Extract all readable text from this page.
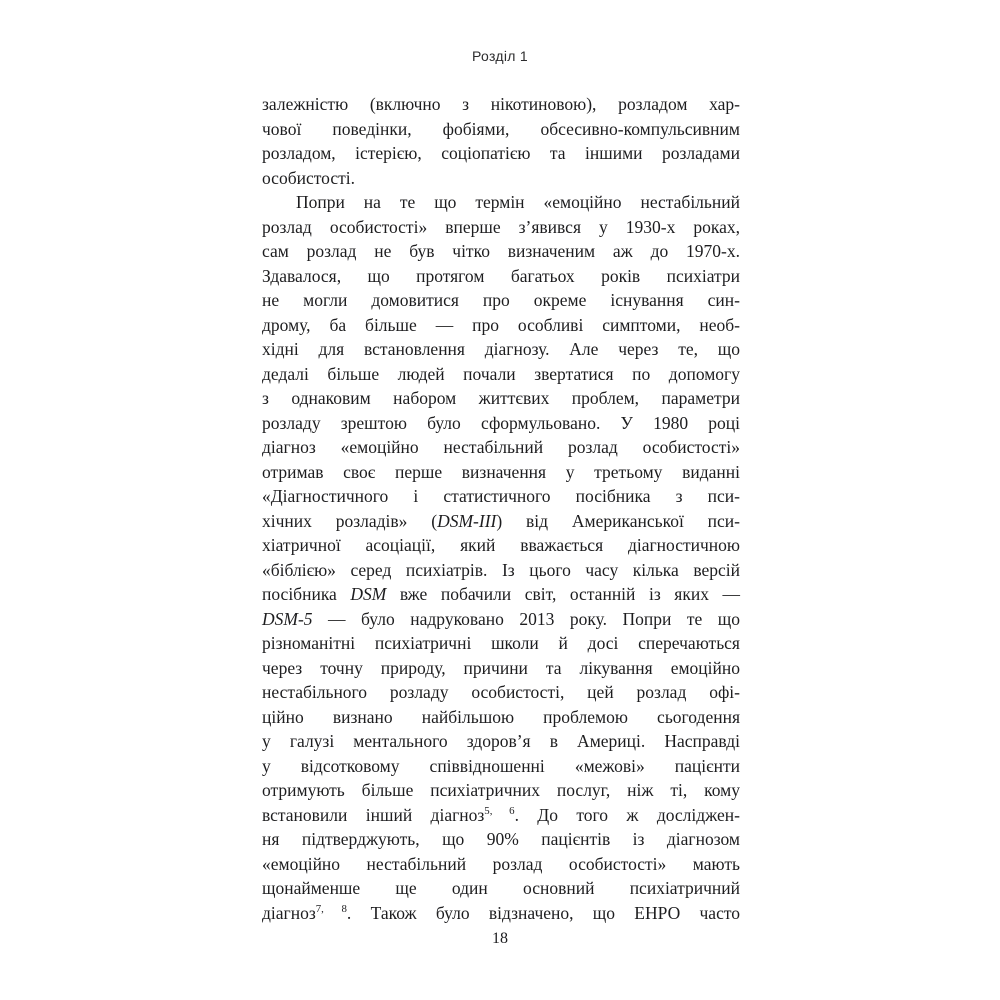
Розділ 1
залежністю (включно з нікотиновою), розладом хар-
чової поведінки, фобіями, обсесивно-компульсивним
розладом, істерією, соціопатією та іншими розладами
особистості.
Попри на те що термін «емоційно нестабільний
розлад особистості» вперше з’явився у 1930-х роках,
сам розлад не був чітко визначеним аж до 1970-х.
Здавалося, що протягом багатьох років психіатри
не могли домовитися про окреме існування син-
дрому, ба більше — про особливі симптоми, необ-
хідні для встановлення діагнозу. Але через те, що
дедалі більше людей почали звертатися по допомогу
з однаковим набором життєвих проблем, параметри
розладу зрештою було сформульовано. У 1980 році
діагноз «емоційно нестабільний розлад особистості»
отримав своє перше визначення у третьому виданні
«Діагностичного і статистичного посібника з пси-
хічних розладів» (DSM-III) від Американської пси-
хіатричної асоціації, який вважається діагностичною
«біблією» серед психіатрів. Із цього часу кілька версій
посібника DSM вже побачили світ, останній із яких —
DSM-5 — було надруковано 2013 року. Попри те що
різноманітні психіатричні школи й досі сперечаються
через точну природу, причини та лікування емоційно
нестабільного розладу особистості, цей розлад офі-
ційно визнано найбільшою проблемою сьогодення
у галузі ментального здоров’я в Америці. Насправді
у відсотковому співвідношенні «межові» пацієнти
отримують більше психіатричних послуг, ніж ті, кому
встановили інший діагноз$^{5, 6}$. До того ж досліджен-
ня підтверджують, що 90% пацієнтів із діагнозом
«емоційно нестабільний розлад особистості» мають
щонайменше ще один основний психіатричний
діагноз$^{7, 8}$. Також було відзначено, що ЕНРО часто
18
